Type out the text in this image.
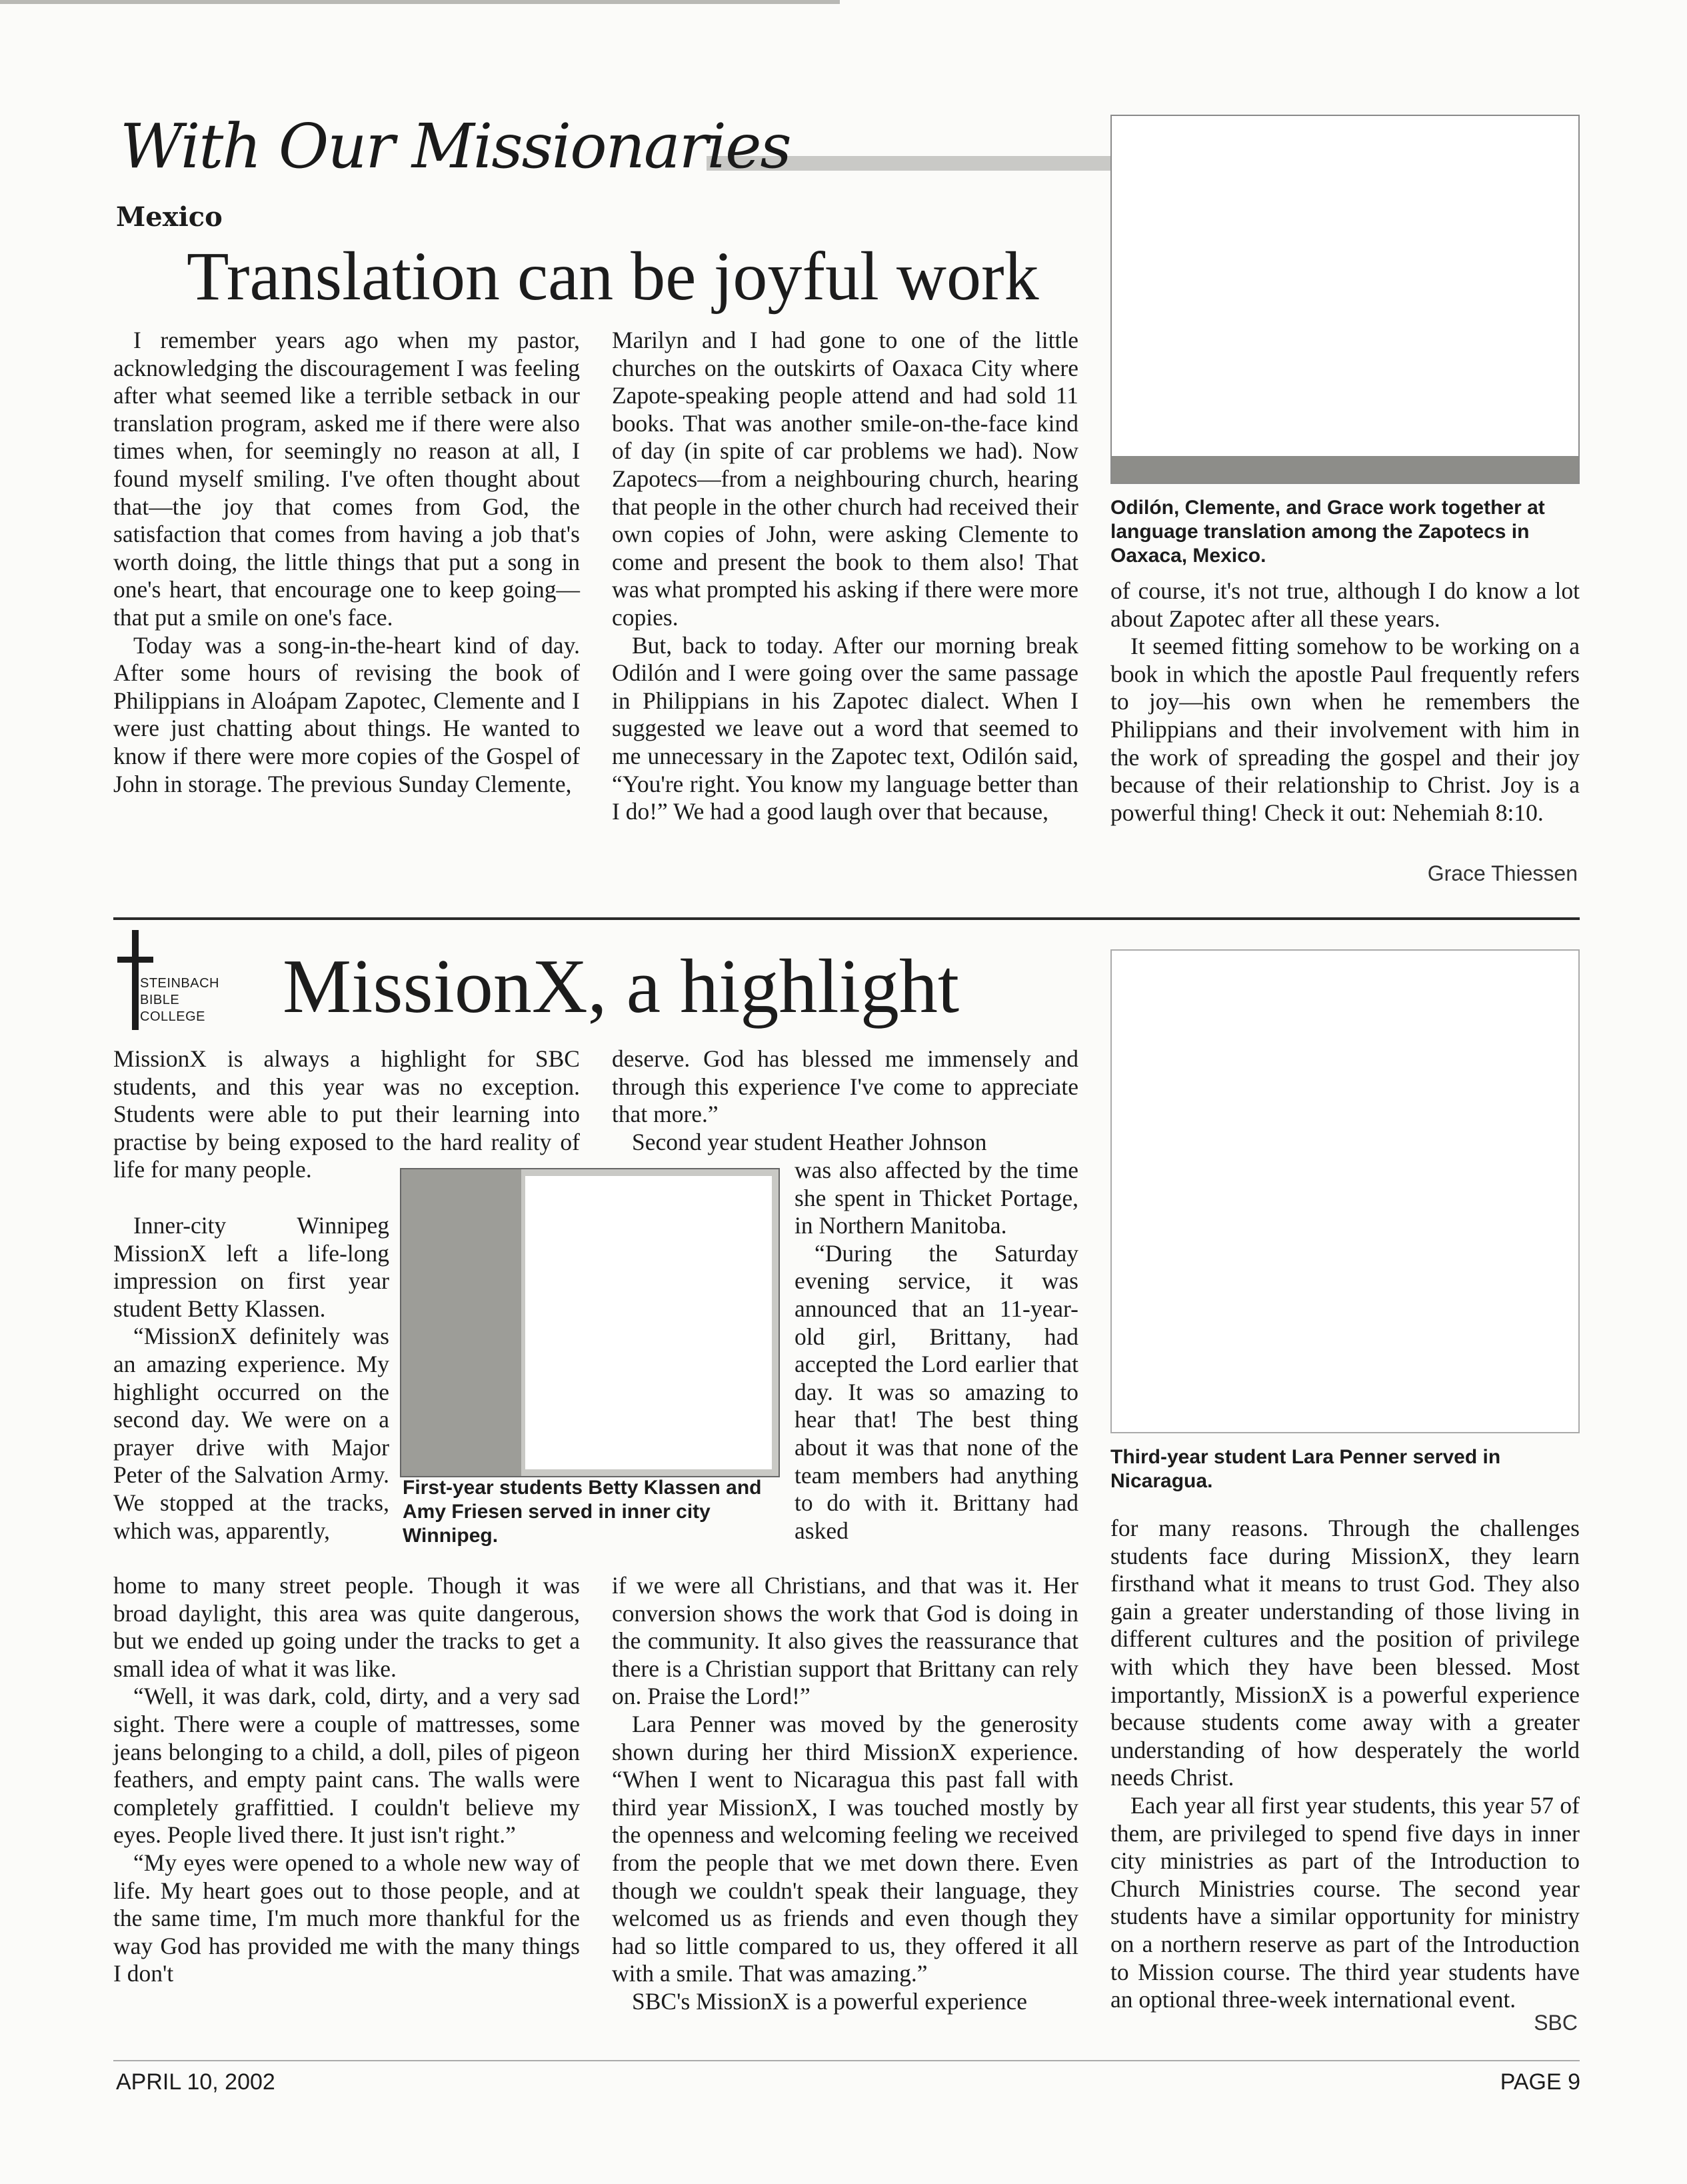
With Our Missionaries
Mexico
Translation can be joyful work

I remember years ago when my pastor, acknowledging the discouragement I was feeling after what seemed like a terrible setback in our translation program, asked me if there were also times when, for seemingly no reason at all, I found myself smiling. I've often thought about that—the joy that comes from God, the satisfaction that comes from having a job that's worth doing, the little things that put a song in one's heart, that encourage one to keep going—that put a smile on one's face.

Today was a song-in-the-heart kind of day. After some hours of revising the book of Philippians in Aloápam Zapotec, Clemente and I were just chatting about things. He wanted to know if there were more copies of the Gospel of John in storage. The previous Sunday Clemente,

Marilyn and I had gone to one of the little churches on the outskirts of Oaxaca City where Zapote-speaking people attend and had sold 11 books. That was another smile-on-the-face kind of day (in spite of car problems we had). Now Zapotecs—from a neighbouring church, hearing that people in the other church had received their own copies of John, were asking Clemente to come and present the book to them also! That was what prompted his asking if there were more copies.

But, back to today. After our morning break Odilón and I were going over the same passage in Philippians in his Zapotec dialect. When I suggested we leave out a word that seemed to me unnecessary in the Zapotec text, Odilón said, “You're right. You know my language better than I do!” We had a good laugh over that because,

Odilón, Clemente, and Grace work together at language translation among the Zapotecs in Oaxaca, Mexico.

of course, it's not true, although I do know a lot about Zapotec after all these years.

It seemed fitting somehow to be working on a book in which the apostle Paul frequently refers to joy—his own when he remembers the Philippians and their involvement with him in the work of spreading the gospel and their joy because of their relationship to Christ. Joy is a powerful thing! Check it out: Nehemiah 8:10.

Grace Thiessen
STEINBACH
BIBLE
COLLEGE MissionX, a highlight

MissionX is always a highlight for SBC students, and this year was no exception. Students were able to put their learning into practise by being exposed to the hard reality of life for many people.

Inner-city Winnipeg MissionX left a life-long impression on first year student Betty Klassen.

“MissionX definitely was an amazing experience. My highlight occurred on the second day. We were on a prayer drive with Major Peter of the Salvation Army. We stopped at the tracks, which was, apparently,

home to many street people. Though it was broad daylight, this area was quite dangerous, but we ended up going under the tracks to get a small idea of what it was like.

“Well, it was dark, cold, dirty, and a very sad sight. There were a couple of mattresses, some jeans belonging to a child, a doll, piles of pigeon feathers, and empty paint cans. The walls were completely graffittied. I couldn't believe my eyes. People lived there. It just isn't right.”

“My eyes were opened to a whole new way of life. My heart goes out to those people, and at the same time, I'm much more thankful for the way God has provided me with the many things I don't

First-year students Betty Klassen and Amy Friesen served in inner city Winnipeg.

deserve. God has blessed me immensely and through this experience I've come to appreciate that more.”

Second year student Heather Johnson

was also affected by the time she spent in Thicket Portage, in Northern Manitoba.

“During the Saturday evening service, it was announced that an 11-year-old girl, Brittany, had accepted the Lord earlier that day. It was so amazing to hear that! The best thing about it was that none of the team members had anything to do with it. Brittany had asked

if we were all Christians, and that was it. Her conversion shows the work that God is doing in the community. It also gives the reassurance that there is a Christian support that Brittany can rely on. Praise the Lord!”

Lara Penner was moved by the generosity shown during her third MissionX experience. “When I went to Nicaragua this past fall with third year MissionX, I was touched mostly by the openness and welcoming feeling we received from the people that we met down there. Even though we couldn't speak their language, they welcomed us as friends and even though they had so little compared to us, they offered it all with a smile. That was amazing.”

SBC's MissionX is a powerful experience

Third-year student Lara Penner served in Nicaragua.

for many reasons. Through the challenges students face during MissionX, they learn firsthand what it means to trust God. They also gain a greater understanding of those living in different cultures and the position of privilege with which they have been blessed. Most importantly, MissionX is a powerful experience because students come away with a greater understanding of how desperately the world needs Christ.

Each year all first year students, this year 57 of them, are privileged to spend five days in inner city ministries as part of the Introduction to Church Ministries course. The second year students have a similar opportunity for ministry on a northern reserve as part of the Introduction to Mission course. The third year students have an optional three-week international event.

SBC
APRIL 10, 2002	PAGE 9
